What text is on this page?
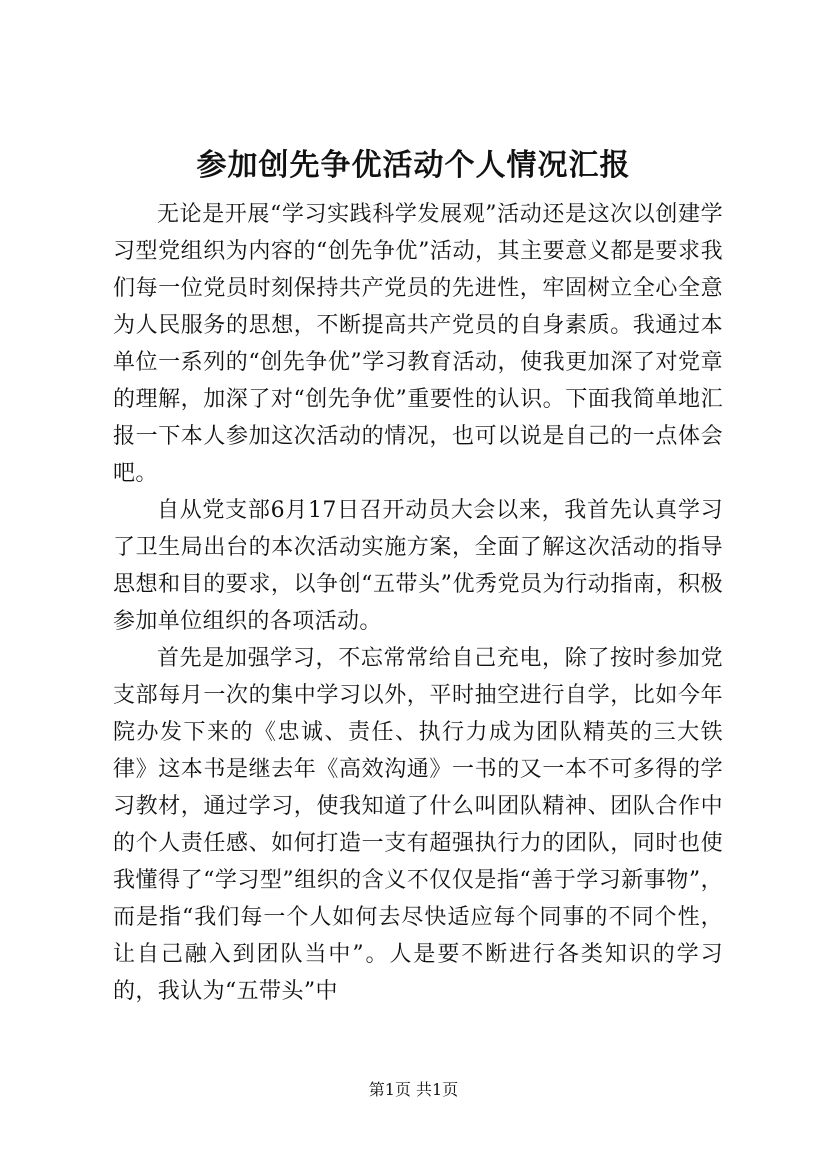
参加创先争优活动个人情况汇报

无论是开展“学习实践科学发展观”活动还是这次以创建学习型党组织为内容的“创先争优”活动，其主要意义都是要求我们每一位党员时刻保持共产党员的先进性，牢固树立全心全意为人民服务的思想，不断提高共产党员的自身素质。我通过本单位一系列的“创先争优”学习教育活动，使我更加深了对党章的理解，加深了对“创先争优”重要性的认识。下面我简单地汇报一下本人参加这次活动的情况，也可以说是自己的一点体会吧。

自从党支部6月17日召开动员大会以来，我首先认真学习了卫生局出台的本次活动实施方案，全面了解这次活动的指导思想和目的要求，以争创“五带头”优秀党员为行动指南，积极参加单位组织的各项活动。

首先是加强学习，不忘常常给自己充电，除了按时参加党支部每月一次的集中学习以外，平时抽空进行自学，比如今年院办发下来的《忠诚、责任、执行力成为团队精英的三大铁律》这本书是继去年《高效沟通》一书的又一本不可多得的学习教材，通过学习，使我知道了什么叫团队精神、团队合作中的个人责任感、如何打造一支有超强执行力的团队，同时也使我懂得了“学习型”组织的含义不仅仅是指“善于学习新事物”，而是指“我们每一个人如何去尽快适应每个同事的不同个性，让自己融入到团队当中”。人是要不断进行各类知识的学习的，我认为“五带头”中

第1页 共1页
